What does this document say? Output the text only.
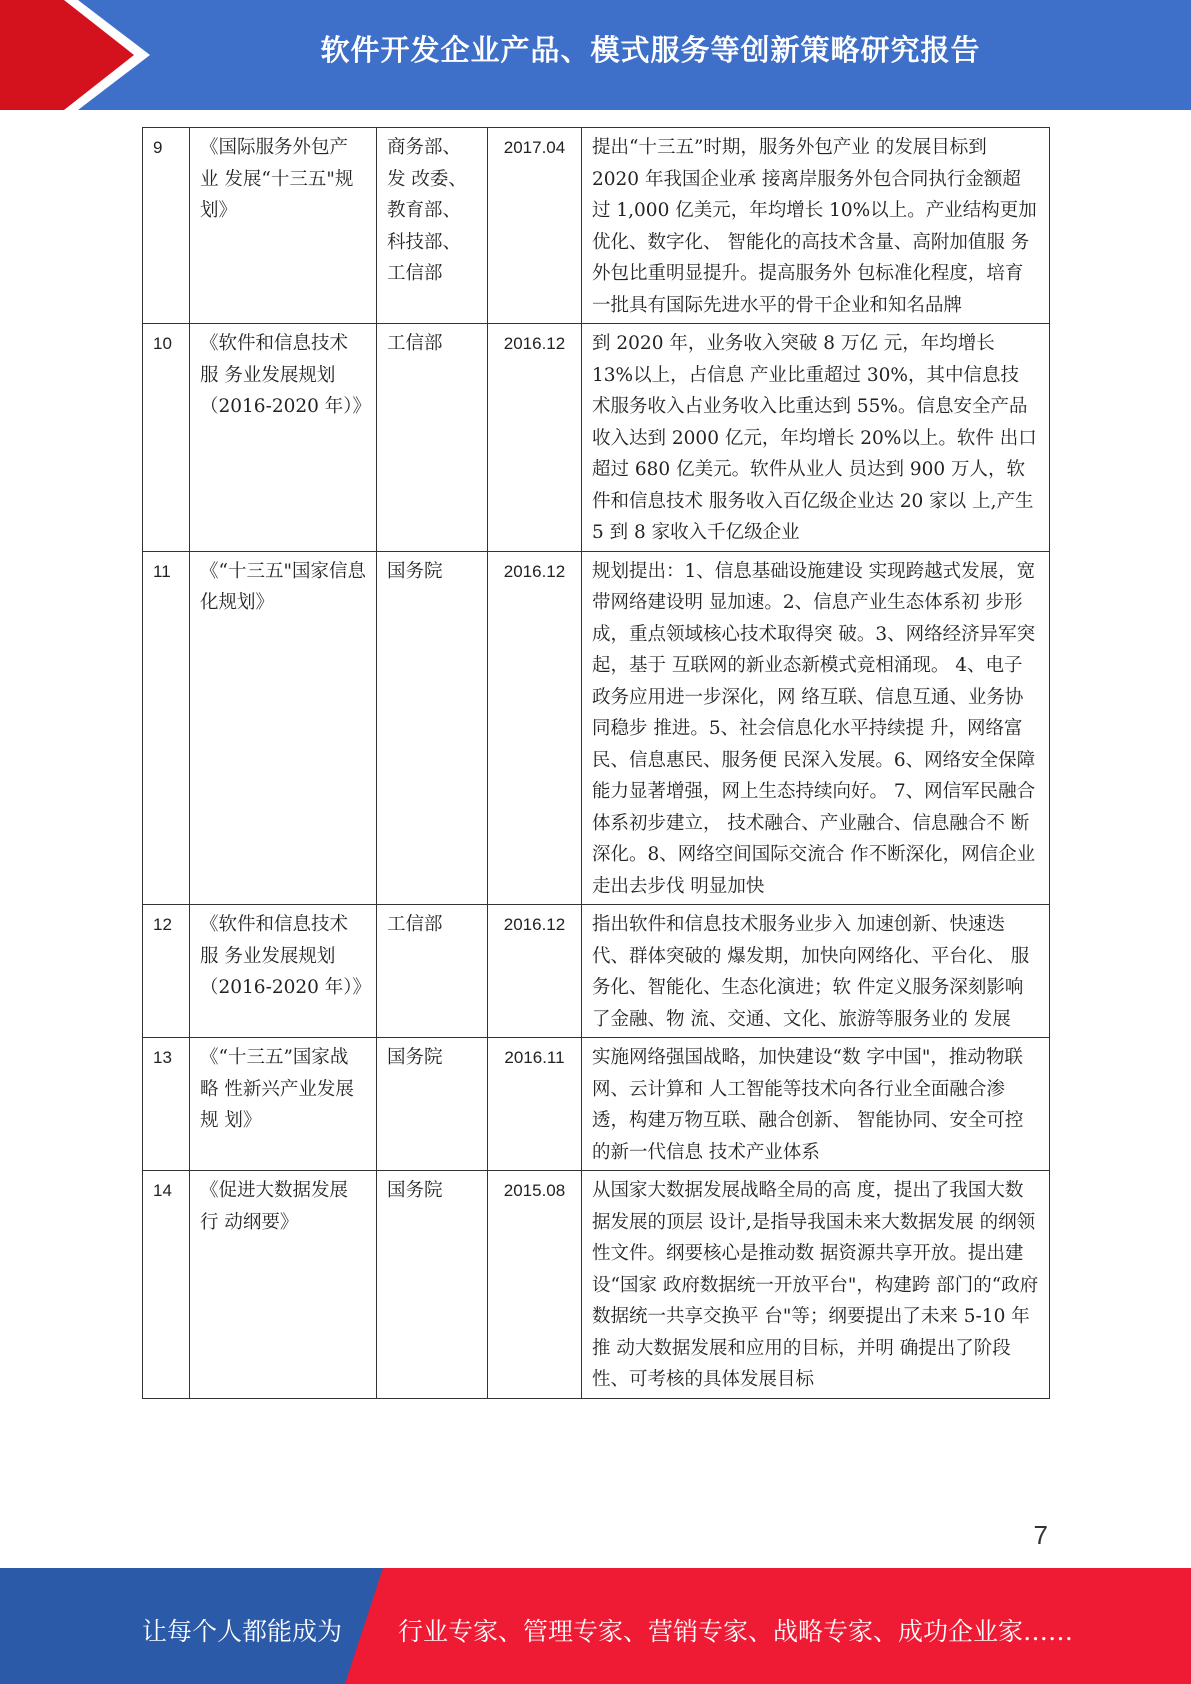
软件开发企业产品、模式服务等创新策略研究报告
9	《国际服务外包产业 发展“十三五"规划》	商务部、发 改委、教育部、科技部、工信部	2017.04	提出“十三五”时期，服务外包产业 的发展目标到 2020 年我国企业承 接离岸服务外包合同执行金额超 过 1,000 亿美元，年均增长 10%以上。产业结构更加优化、数字化、 智能化的高技术含量、高附加值服 务外包比重明显提升。提高服务外 包标准化程度，培育一批具有国际先进水平的骨干企业和知名品牌
10	《软件和信息技术服 务业发展规划（2016-2020 年）》	工信部	2016.12	到 2020 年，业务收入突破 8 万亿 元，年均增长 13%以上，占信息 产业比重超过 30%，其中信息技 术服务收入占业务收入比重达到 55%。信息安全产品收入达到 2000 亿元，年均增长 20%以上。软件 出口超过 680 亿美元。软件从业人 员达到 900 万人，软件和信息技术 服务收入百亿级企业达 20 家以 上,产生 5 到 8 家收入千亿级企业
11	《“十三五"国家信息 化规划》	国务院	2016.12	规划提出：1、信息基础设施建设 实现跨越式发展，宽带网络建设明 显加速。2、信息产业生态体系初 步形成，重点领域核心技术取得突 破。3、网络经济异军突起，基于 互联网的新业态新模式竞相涌现。 4、电子政务应用进一步深化，网 络互联、信息互通、业务协同稳步 推进。5、社会信息化水平持续提 升，网络富民、信息惠民、服务便 民深入发展。6、网络安全保障能力显著增强，网上生态持续向好。 7、网信军民融合体系初步建立， 技术融合、产业融合、信息融合不 断深化。8、网络空间国际交流合 作不断深化，网信企业走出去步伐 明显加快
12	《软件和信息技术服 务业发展规划（2016-2020 年）》	工信部	2016.12	指出软件和信息技术服务业步入 加速创新、快速迭代、群体突破的 爆发期，加快向网络化、平台化、 服务化、智能化、生态化演进；软 件定义服务深刻影响了金融、物 流、交通、文化、旅游等服务业的 发展
13	《“十三五”国家战略 性新兴产业发展规 划》	国务院	2016.11	实施网络强国战略，加快建设“数 字中国"，推动物联网、云计算和 人工智能等技术向各行业全面融合渗透，构建万物互联、融合创新、 智能协同、安全可控的新一代信息 技术产业体系
14	《促进大数据发展行 动纲要》	国务院	2015.08	从国家大数据发展战略全局的高 度，提出了我国大数据发展的顶层 设计,是指导我国未来大数据发展 的纲领性文件。纲要核心是推动数 据资源共享开放。提出建设“国家 政府数据统一开放平台"，构建跨 部门的“政府数据统一共享交换平 台"等；纲要提出了未来 5-10 年推 动大数据发展和应用的目标，并明 确提出了阶段性、可考核的具体发展目标
7
让每个人都能成为 行业专家、管理专家、营销专家、战略专家、成功企业家……
